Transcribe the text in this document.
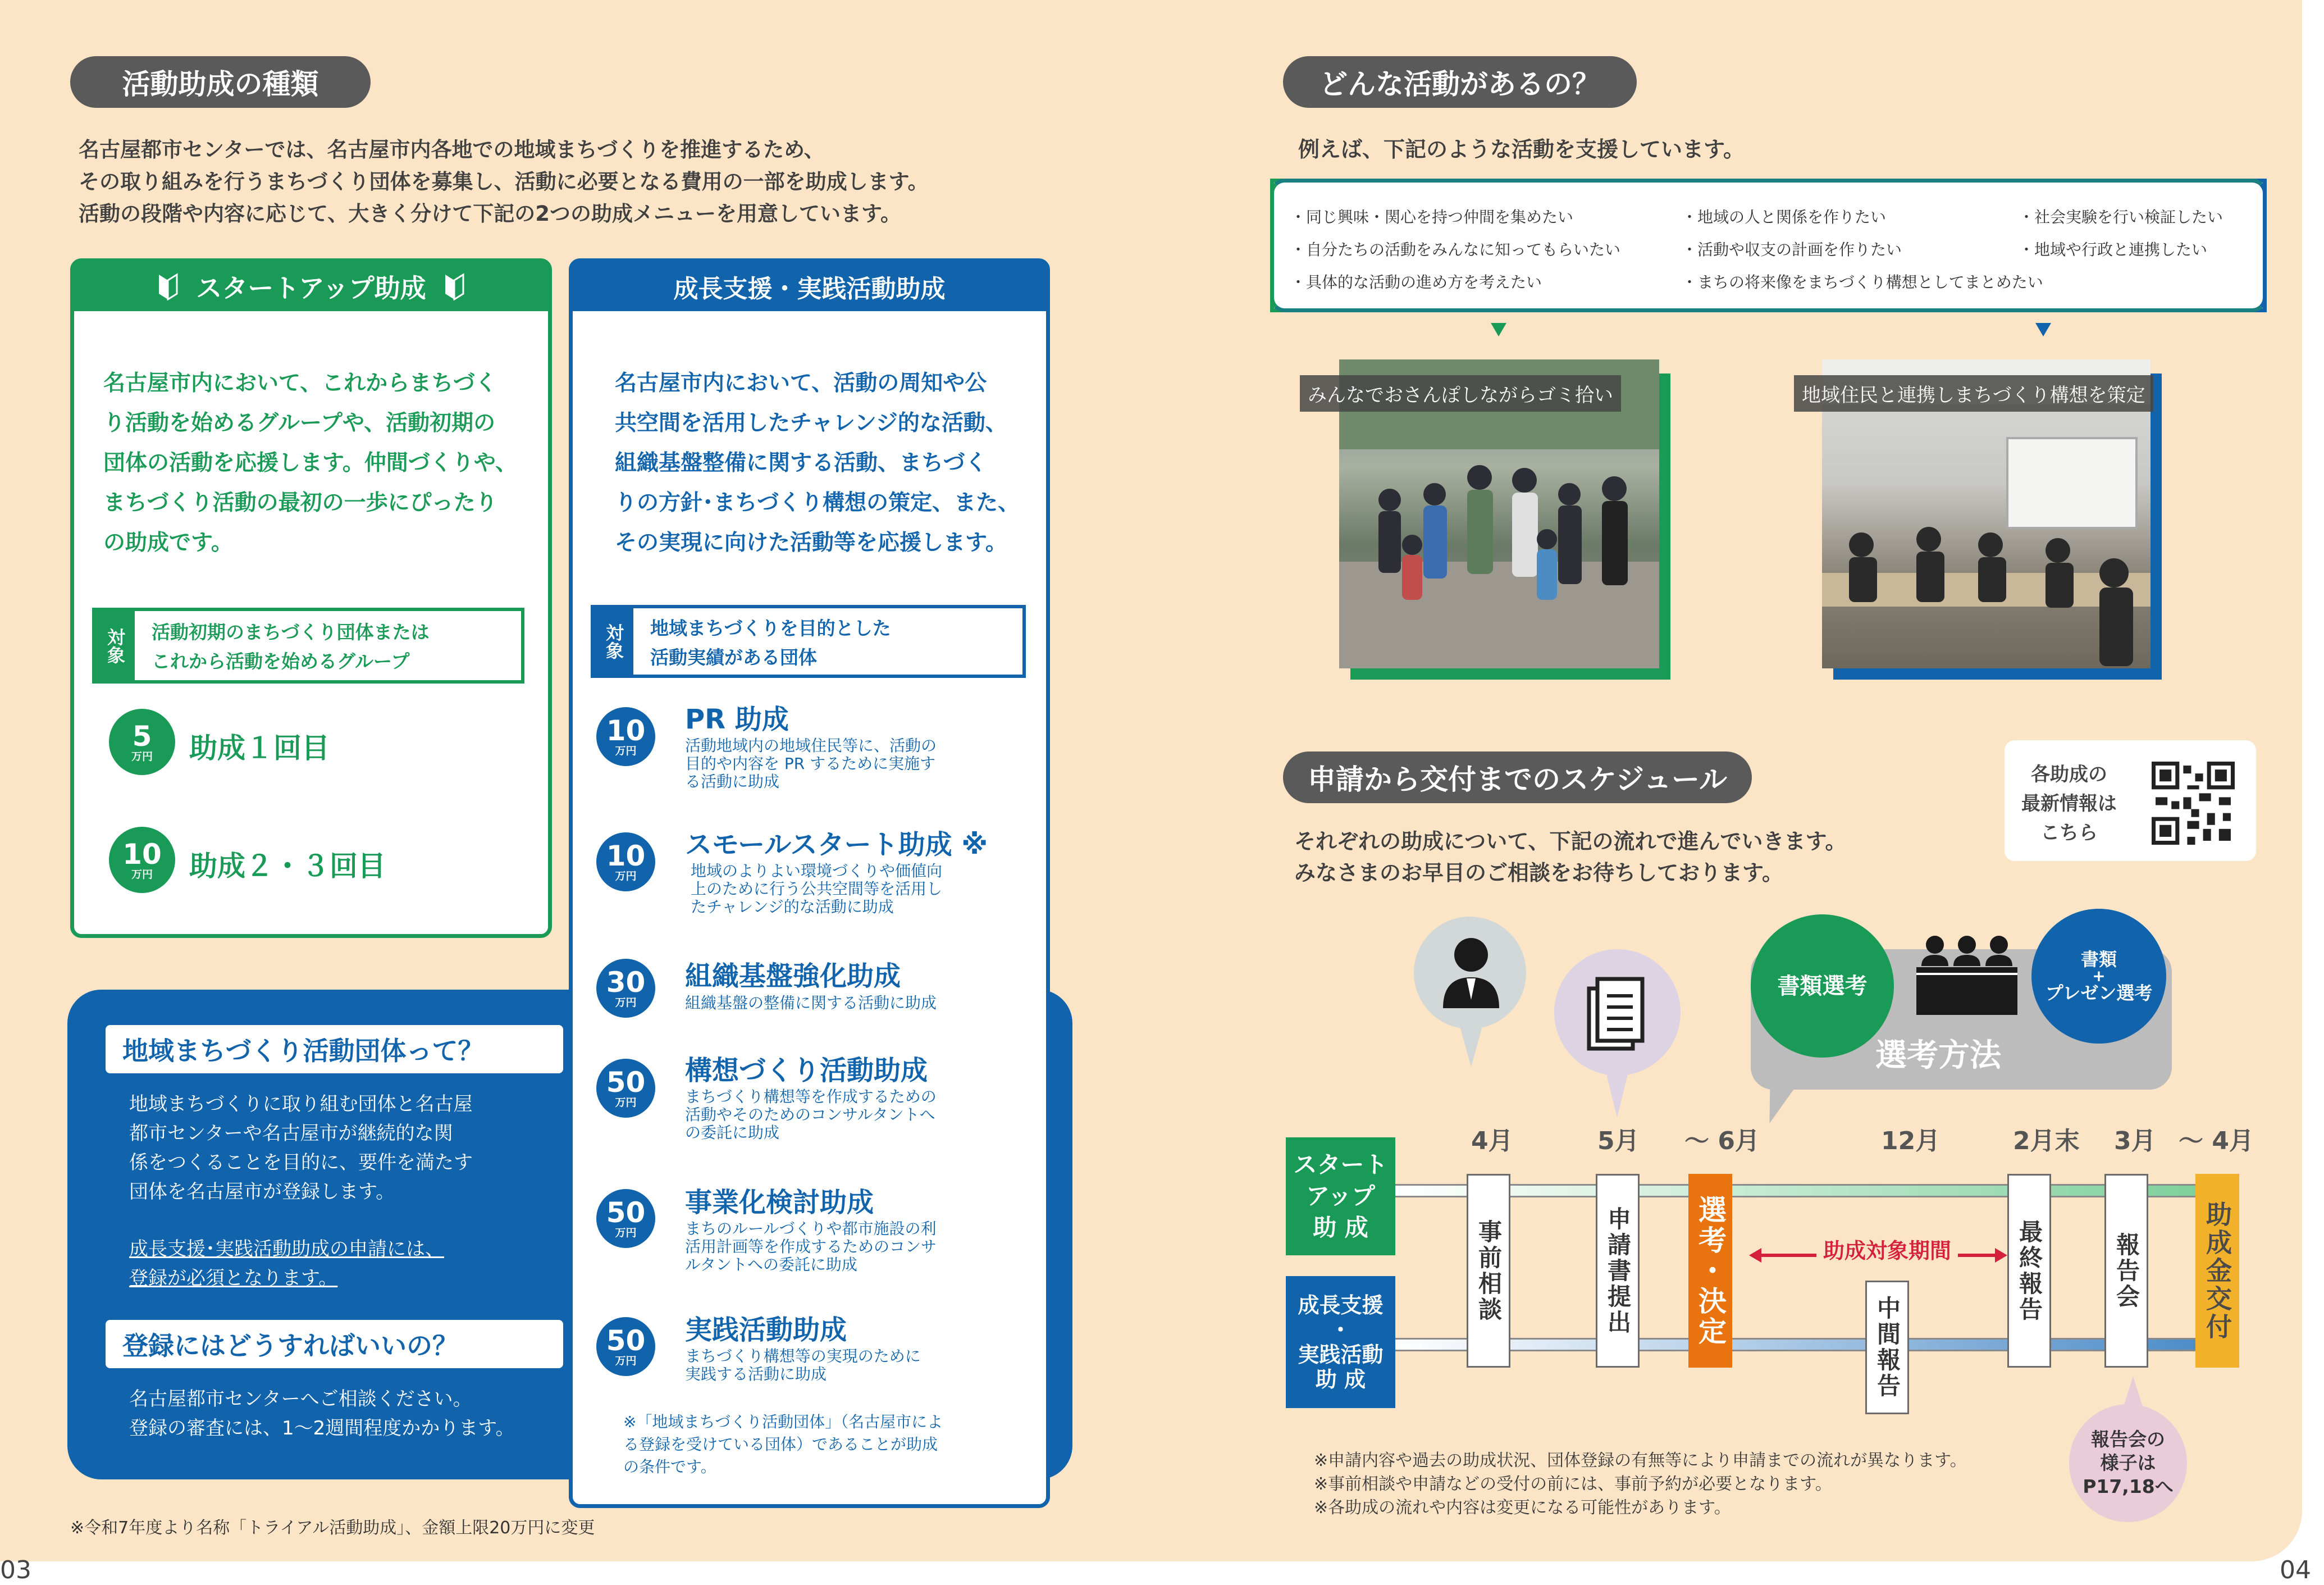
活動助成の種類
名古屋都市センターでは、名古屋市内各地での地域まちづくりを推進するため、
その取り組みを行うまちづくり団体を募集し、活動に必要となる費用の一部を助成します。
活動の段階や内容に応じて、大きく分けて下記の2つの助成メニューを用意しています。
スタートアップ助成
名古屋市内において、これからまちづく
り活動を始めるグループや、活動初期の
団体の活動を応援します。仲間づくりや、
まちづくり活動の最初の一歩にぴったり
の助成です。
対象	活動初期のまちづくり団体または
これから活動を始めるグループ
5
万円 助成１回目
10
万円 助成２・３回目
地域まちづくり活動団体って？
地域まちづくりに取り組む団体と名古屋
都市センターや名古屋市が継続的な関
係をつくることを目的に、要件を満たす
団体を名古屋市が登録します。
成長支援･実践活動助成の申請には、
登録が必須となります。
登録にはどうすればいいの？
名古屋都市センターへご相談ください。
登録の審査には、1〜2週間程度かかります。
成長支援・実践活動助成
名古屋市内において、活動の周知や公
共空間を活用したチャレンジ的な活動、
組織基盤整備に関する活動、まちづく
りの方針･まちづくり構想の策定、また、
その実現に向けた活動等を応援します。
対象	地域まちづくりを目的とした
活動実績がある団体
10
万円
PR 助成
活動地域内の地域住民等に、活動の
目的や内容を PR するために実施す
る活動に助成
10
万円
スモールスタート助成 ※
地域のよりよい環境づくりや価値向
上のために行う公共空間等を活用し
たチャレンジ的な活動に助成
30
万円
組織基盤強化助成
組織基盤の整備に関する活動に助成
50
万円
構想づくり活動助成
まちづくり構想等を作成するための
活動やそのためのコンサルタントへ
の委託に助成
50
万円
事業化検討助成
まちのルールづくりや都市施設の利
活用計画等を作成するためのコンサ
ルタントへの委託に助成
50
万円
実践活動助成
まちづくり構想等の実現のために
実践する活動に助成
※「地域まちづくり活動団体」（名古屋市によ
る登録を受けている団体）であることが助成
の条件です。
※令和7年度より名称「トライアル活動助成」、金額上限20万円に変更
03
どんな活動があるの？
例えば、下記のような活動を支援しています。
・同じ興味・関心を持つ仲間を集めたい
・自分たちの活動をみんなに知ってもらいたい
・具体的な活動の進め方を考えたい
・地域の人と関係を作りたい
・活動や収支の計画を作りたい
・まちの将来像をまちづくり構想としてまとめたい
・社会実験を行い検証したい
・地域や行政と連携したい
みんなでおさんぽしながらゴミ拾い	地域住民と連携しまちづくり構想を策定
申請から交付までのスケジュール	各助成の
最新情報は
こちら
それぞれの助成について、下記の流れで進んでいきます。
みなさまのお早目のご相談をお待ちしております。
書類選考
書類
+
プレゼン選考
選考方法
4月	5月 〜 6月	12月	2月末 3月 〜 4月
スタート
アップ
助 成
成長支援
・
実践活動
助 成
事前相談	申請書提出 選考・決定	助成対象期間
中間報告
最終報告	報告会	助成金交付
報告会の
様子は
P17,18へ
※申請内容や過去の助成状況、団体登録の有無等により申請までの流れが異なります。
※事前相談や申請などの受付の前には、事前予約が必要となります。
※各助成の流れや内容は変更になる可能性があります。
04
